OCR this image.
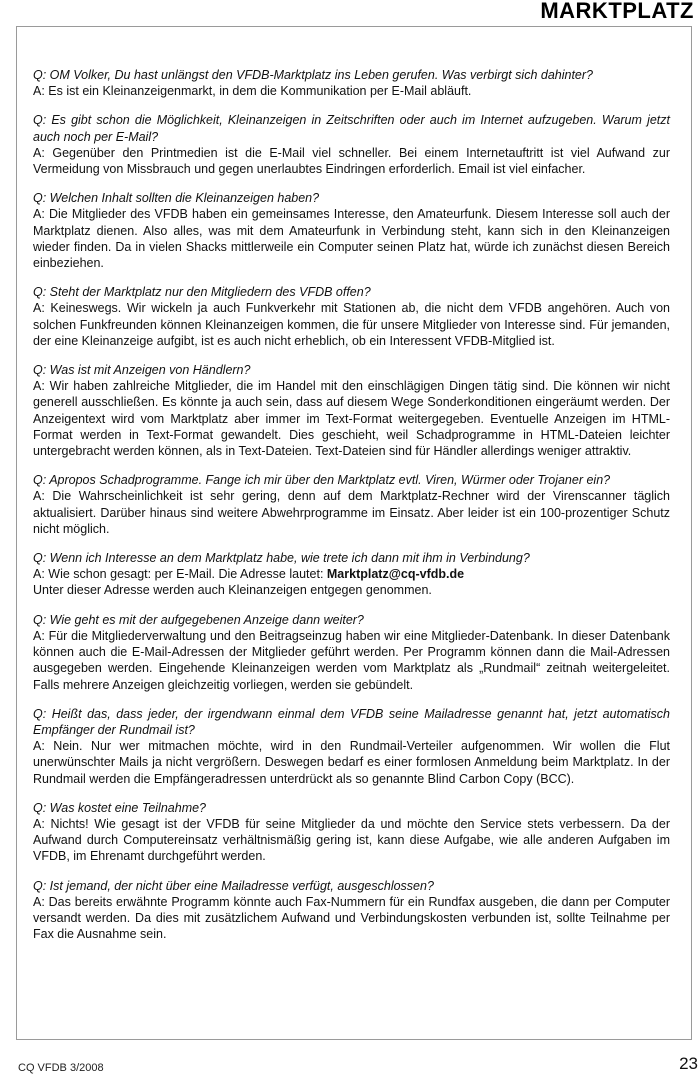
MARKTPLATZ
Q: OM Volker, Du hast unlängst den VFDB-Marktplatz ins Leben gerufen. Was verbirgt sich dahinter?
A: Es ist ein Kleinanzeigenmarkt, in dem die Kommunikation per E-Mail abläuft.
Q: Es gibt schon die Möglichkeit, Kleinanzeigen in Zeitschriften oder auch im Internet aufzugeben. Warum jetzt auch noch per E-Mail?
A: Gegenüber den Printmedien ist die E-Mail viel schneller. Bei einem Internetauftritt ist viel Aufwand zur Vermeidung von Missbrauch und gegen unerlaubtes Eindringen erforderlich. Email ist viel einfacher.
Q: Welchen Inhalt sollten die Kleinanzeigen haben?
A: Die Mitglieder des VFDB haben ein gemeinsames Interesse, den Amateurfunk. Diesem Interesse soll auch der Marktplatz dienen. Also alles, was mit dem Amateurfunk in Verbindung steht, kann sich in den Kleinanzeigen wieder finden. Da in vielen Shacks mittlerweile ein Computer seinen Platz hat, würde ich zunächst diesen Bereich einbeziehen.
Q: Steht der Marktplatz nur den Mitgliedern des VFDB offen?
A: Keineswegs. Wir wickeln ja auch Funkverkehr mit Stationen ab, die nicht dem VFDB angehören. Auch von solchen Funkfreunden können Kleinanzeigen kommen, die für unsere Mitglieder von Interesse sind. Für jemanden, der eine Kleinanzeige aufgibt, ist es auch nicht erheblich, ob ein Interessent VFDB-Mitglied ist.
Q: Was ist mit Anzeigen von Händlern?
A: Wir haben zahlreiche Mitglieder, die im Handel mit den einschlägigen Dingen tätig sind. Die können wir nicht generell ausschließen. Es könnte ja auch sein, dass auf diesem Wege Sonderkonditionen eingeräumt werden. Der Anzeigentext wird vom Marktplatz aber immer im Text-Format weitergegeben. Eventuelle Anzeigen im HTML-Format werden in Text-Format gewandelt. Dies geschieht, weil Schadprogramme in HTML-Dateien leichter untergebracht werden können, als in Text-Dateien. Text-Dateien sind für Händler allerdings weniger attraktiv.
Q: Apropos Schadprogramme. Fange ich mir über den Marktplatz evtl. Viren, Würmer oder Trojaner ein?
A: Die Wahrscheinlichkeit ist sehr gering, denn auf dem Marktplatz-Rechner wird der Virenscanner täglich aktualisiert. Darüber hinaus sind weitere Abwehrprogramme im Einsatz. Aber leider ist ein 100-prozentiger Schutz nicht möglich.
Q: Wenn ich Interesse an dem Marktplatz habe, wie trete ich dann mit ihm in Verbindung?
A: Wie schon gesagt: per E-Mail. Die Adresse lautet: Marktplatz@cq-vfdb.de
Unter dieser Adresse werden auch Kleinanzeigen entgegen genommen.
Q: Wie geht es mit der aufgegebenen Anzeige dann weiter?
A: Für die Mitgliederverwaltung und den Beitragseinzug haben wir eine Mitglieder-Datenbank. In dieser Datenbank können auch die E-Mail-Adressen der Mitglieder geführt werden. Per Programm können dann die Mail-Adressen ausgegeben werden. Eingehende Kleinanzeigen werden vom Marktplatz als „Rundmail“ zeitnah weitergeleitet. Falls mehrere Anzeigen gleichzeitig vorliegen, werden sie gebündelt.
Q: Heißt das, dass jeder, der irgendwann einmal dem VFDB seine Mailadresse genannt hat, jetzt automatisch Empfänger der Rundmail ist?
A: Nein. Nur wer mitmachen möchte, wird in den Rundmail-Verteiler aufgenommen. Wir wollen die Flut unerwünschter Mails ja nicht vergrößern. Deswegen bedarf es einer formlosen Anmeldung beim Marktplatz. In der Rundmail werden die Empfängeradressen unterdrückt als so genannte Blind Carbon Copy (BCC).
Q: Was kostet eine Teilnahme?
A: Nichts! Wie gesagt ist der VFDB für seine Mitglieder da und möchte den Service stets verbessern. Da der Aufwand durch Computereinsatz verhältnismäßig gering ist, kann diese Aufgabe, wie alle anderen Aufgaben im VFDB, im Ehrenamt durchgeführt werden.
Q: Ist jemand, der nicht über eine Mailadresse verfügt, ausgeschlossen?
A: Das bereits erwähnte Programm könnte auch Fax-Nummern für ein Rundfax ausgeben, die dann per Computer versandt werden. Da dies mit zusätzlichem Aufwand und Verbindungskosten verbunden ist, sollte Teilnahme per Fax die Ausnahme sein.
CQ VFDB 3/2008	23
